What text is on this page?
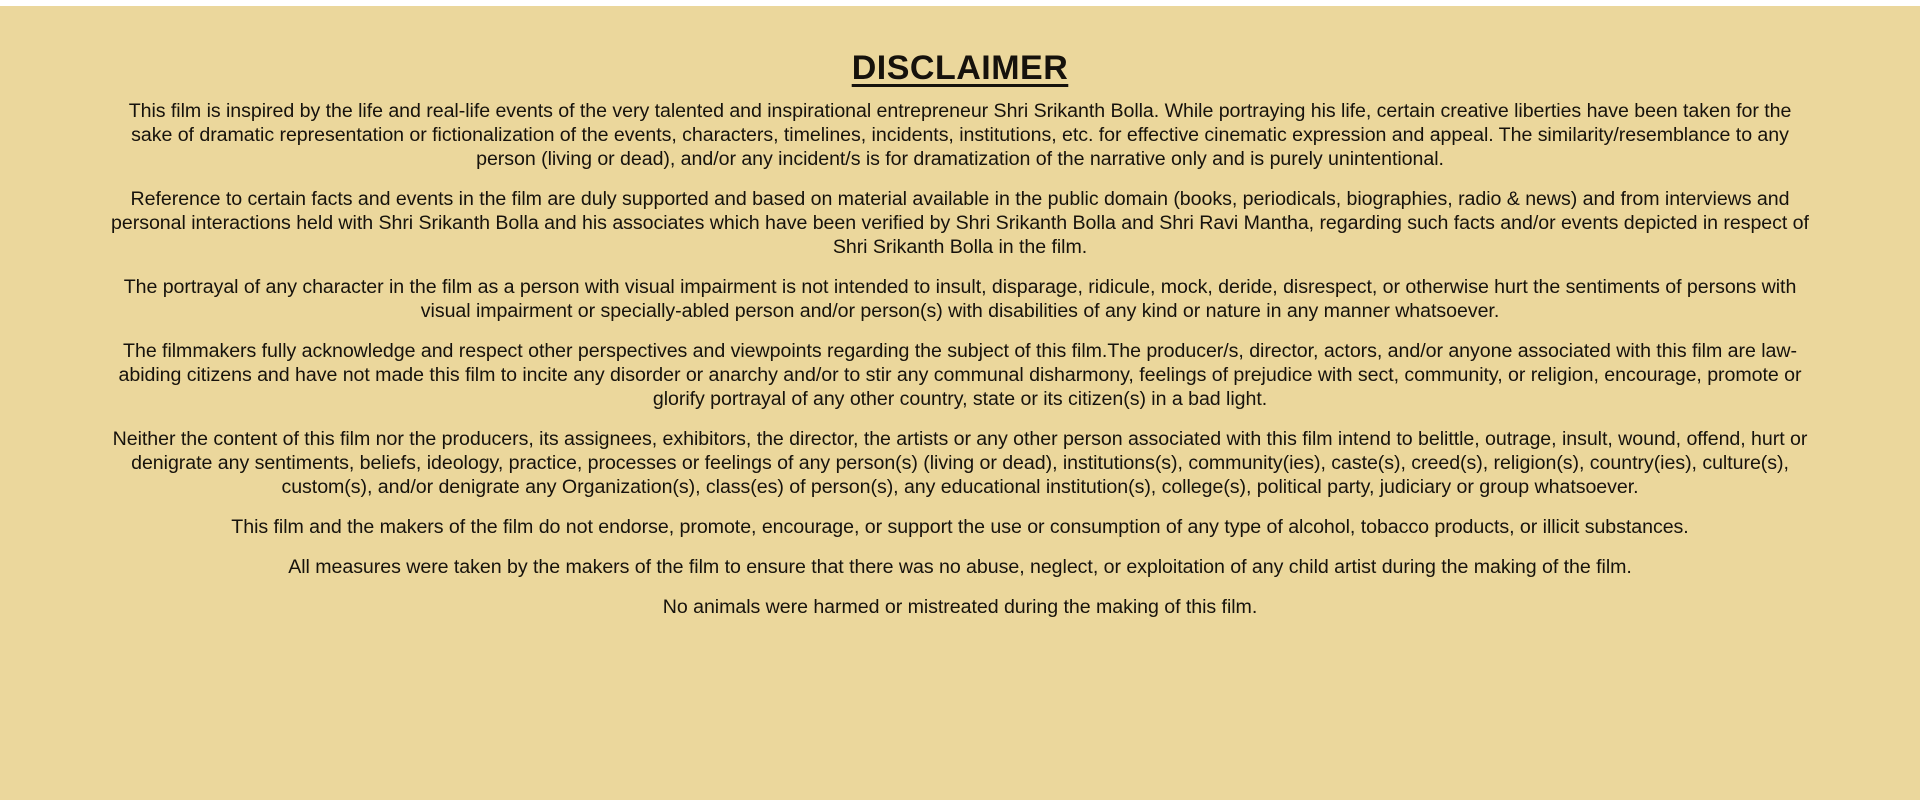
DISCLAIMER

This film is inspired by the life and real-life events of the very talented and inspirational entrepreneur Shri Srikanth Bolla. While portraying his life, certain creative liberties have been taken for the sake of dramatic representation or fictionalization of the events, characters, timelines, incidents, institutions, etc. for effective cinematic expression and appeal. The similarity/resemblance to any person (living or dead), and/or any incident/s is for dramatization of the narrative only and is purely unintentional.

Reference to certain facts and events in the film are duly supported and based on material available in the public domain (books, periodicals, biographies, radio & news) and from interviews and personal interactions held with Shri Srikanth Bolla and his associates which have been verified by Shri Srikanth Bolla and Shri Ravi Mantha, regarding such facts and/or events depicted in respect of Shri Srikanth Bolla in the film.

The portrayal of any character in the film as a person with visual impairment is not intended to insult, disparage, ridicule, mock, deride, disrespect, or otherwise hurt the sentiments of persons with visual impairment or specially-abled person and/or person(s) with disabilities of any kind or nature in any manner whatsoever.

The filmmakers fully acknowledge and respect other perspectives and viewpoints regarding the subject of this film.The producer/s, director, actors, and/or anyone associated with this film are law-abiding citizens and have not made this film to incite any disorder or anarchy and/or to stir any communal disharmony, feelings of prejudice with sect, community, or religion, encourage, promote or glorify portrayal of any other country, state or its citizen(s) in a bad light.

Neither the content of this film nor the producers, its assignees, exhibitors, the director, the artists or any other person associated with this film intend to belittle, outrage, insult, wound, offend, hurt or denigrate any sentiments, beliefs, ideology, practice, processes or feelings of any person(s) (living or dead), institutions(s), community(ies), caste(s), creed(s), religion(s), country(ies), culture(s), custom(s), and/or denigrate any Organization(s), class(es) of person(s), any educational institution(s), college(s), political party, judiciary or group whatsoever.

This film and the makers of the film do not endorse, promote, encourage, or support the use or consumption of any type of alcohol, tobacco products, or illicit substances.

All measures were taken by the makers of the film to ensure that there was no abuse, neglect, or exploitation of any child artist during the making of the film.

No animals were harmed or mistreated during the making of this film.
